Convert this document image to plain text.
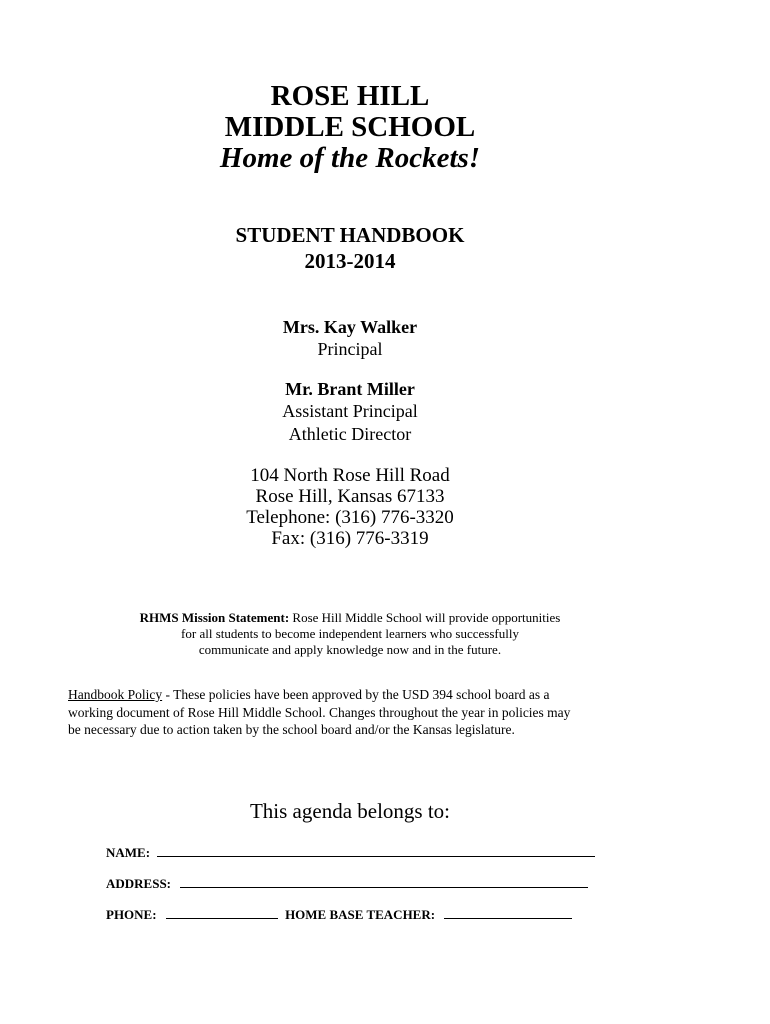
ROSE HILL
MIDDLE SCHOOL
Home of the Rockets!
STUDENT HANDBOOK
2013-2014
Mrs. Kay Walker
Principal
Mr. Brant Miller
Assistant Principal
Athletic Director
104 North Rose Hill Road
Rose Hill, Kansas 67133
Telephone: (316) 776-3320
Fax: (316) 776-3319
RHMS Mission Statement: Rose Hill Middle School will provide opportunities
for all students to become independent learners who successfully
communicate and apply knowledge now and in the future.
Handbook Policy - These policies have been approved by the USD 394 school board as a
working document of Rose Hill Middle School. Changes throughout the year in policies may
be necessary due to action taken by the school board and/or the Kansas legislature.
This agenda belongs to:
NAME:
ADDRESS:
PHONE:	HOME BASE TEACHER:
